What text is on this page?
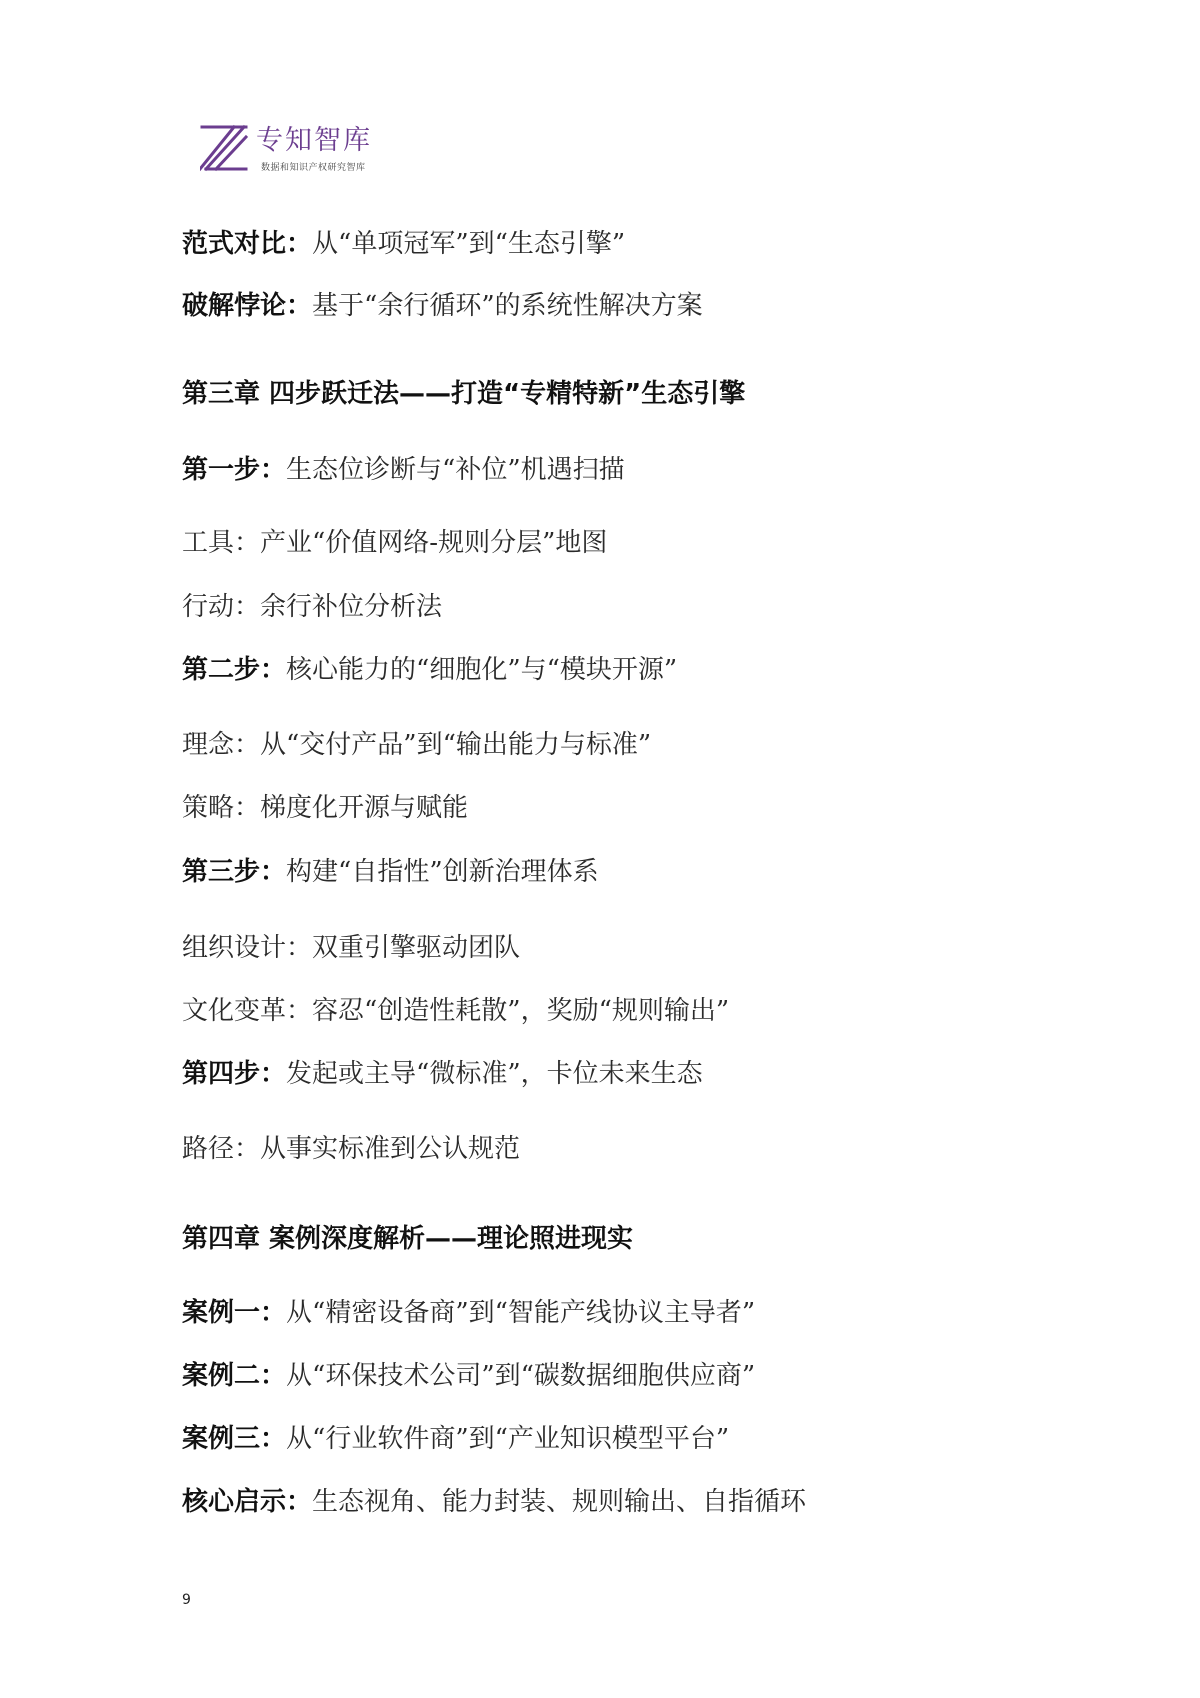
专知智库
数据和知识产权研究智库
范式对比：从“单项冠军”到“生态引擎”
破解悖论：基于“余行循环”的系统性解决方案
第三章 四步跃迁法——打造“专精特新”生态引擎
第一步：生态位诊断与“补位”机遇扫描
工具：产业“价值网络-规则分层”地图
行动：余行补位分析法
第二步：核心能力的“细胞化”与“模块开源”
理念：从“交付产品”到“输出能力与标准”
策略：梯度化开源与赋能
第三步：构建“自指性”创新治理体系
组织设计：双重引擎驱动团队
文化变革：容忍“创造性耗散”，奖励“规则输出”
第四步：发起或主导“微标准”，卡位未来生态
路径：从事实标准到公认规范
第四章 案例深度解析——理论照进现实
案例一：从“精密设备商”到“智能产线协议主导者”
案例二：从“环保技术公司”到“碳数据细胞供应商”
案例三：从“行业软件商”到“产业知识模型平台”
核心启示：生态视角、能力封装、规则输出、自指循环
9
